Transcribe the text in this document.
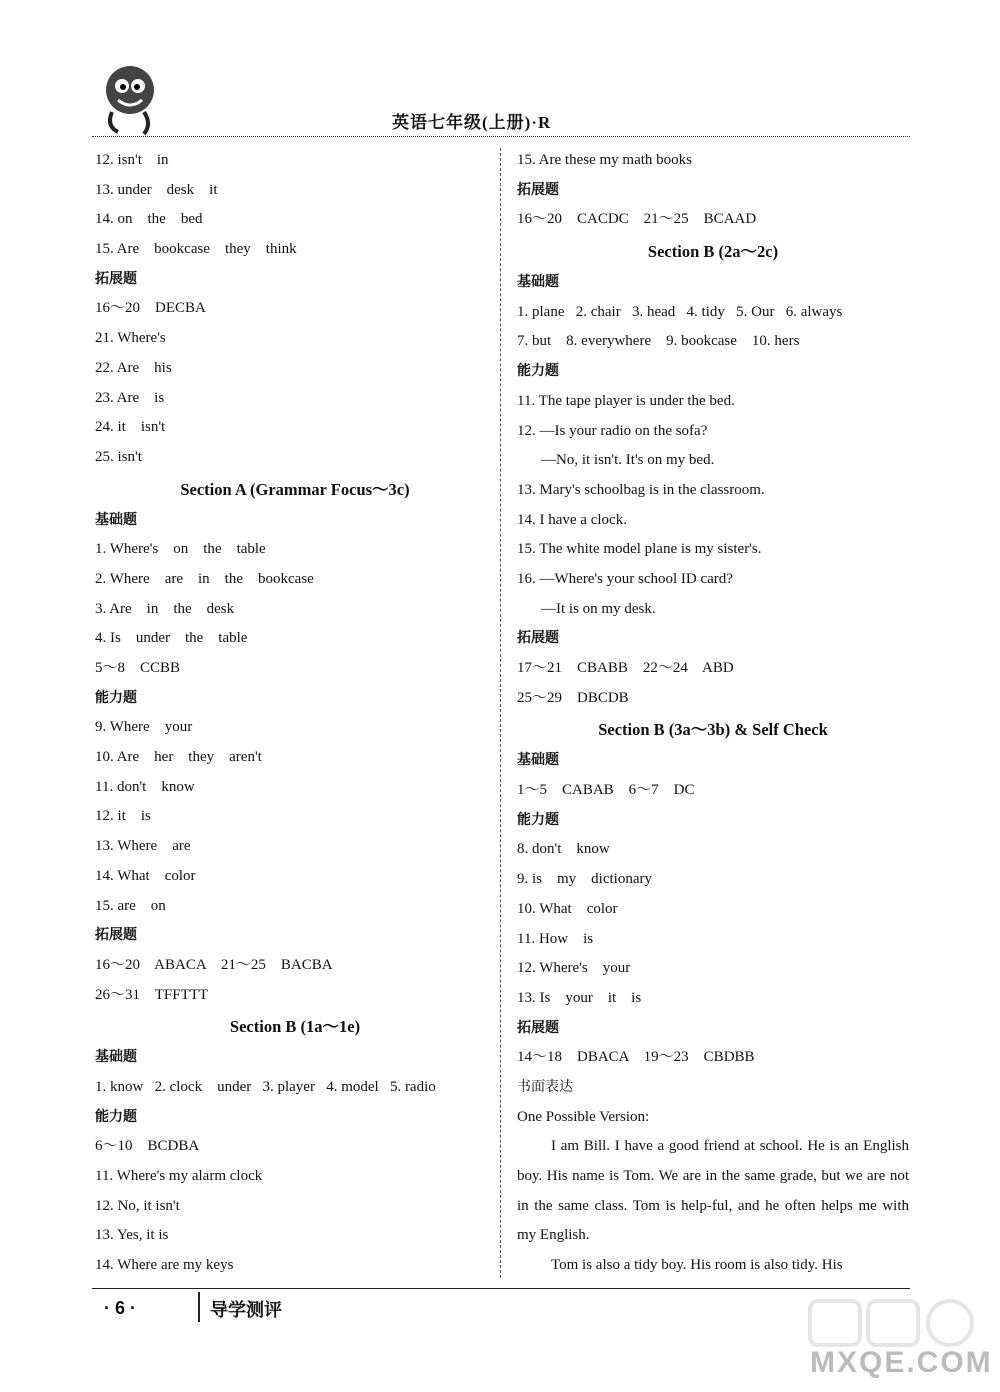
英语七年级(上册)·R
12. isn't    in
13. under    desk    it
14. on    the    bed
15. Are    bookcase    they    think
拓展题
16～20    DECBA
21. Where's
22. Are    his
23. Are    is
24. it    isn't
25. isn't
Section A (Grammar Focus～3c)
基础题
1. Where's    on    the    table
2. Where    are    in    the    bookcase
3. Are    in    the    desk
4. Is    under    the    table
5～8    CCBB
能力题
9. Where    your
10. Are    her    they    aren't
11. don't    know
12. it    is
13. Where    are
14. What    color
15. are    on
拓展题
16～20    ABACA    21～25    BACBA
26～31    TFFTTT
Section B (1a～1e)
基础题
1. know   2. clock    under   3. player   4. model   5. radio
能力题
6～10    BCDBA
11. Where's my alarm clock
12. No, it isn't
13. Yes, it is
14. Where are my keys
15. Are these my math books
拓展题
16～20    CACDC    21～25    BCAAD
Section B (2a～2c)
基础题
1. plane   2. chair   3. head   4. tidy   5. Our   6. always
7. but    8. everywhere    9. bookcase    10. hers
能力题
11. The tape player is under the bed.
12. —Is your radio on the sofa?
—No, it isn't. It's on my bed.
13. Mary's schoolbag is in the classroom.
14. I have a clock.
15. The white model plane is my sister's.
16. —Where's your school ID card?
—It is on my desk.
拓展题
17～21    CBABB    22～24    ABD
25～29    DBCDB
Section B (3a～3b) & Self Check
基础题
1～5    CABAB    6～7    DC
能力题
8. don't    know
9. is    my    dictionary
10. What    color
11. How    is
12. Where's    your
13. Is    your    it    is
拓展题
14～18    DBACA    19～23    CBDBB
书面表达
One Possible Version:
I am Bill. I have a good friend at school. He is an English boy. His name is Tom. We are in the same grade, but we are not in the same class. Tom is help-ful, and he often helps me with my English.
Tom is also a tidy boy. His room is also tidy. His
· 6 ·	导学测评
MXQE.COM
